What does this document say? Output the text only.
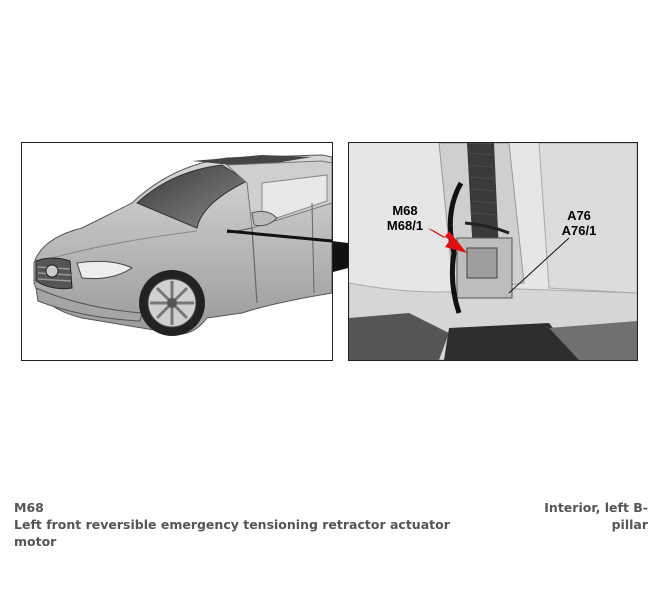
M68
M68/1
A76
A76/1
M68
Left front reversible emergency tensioning retractor actuator motor
Interior, left B-pillar
